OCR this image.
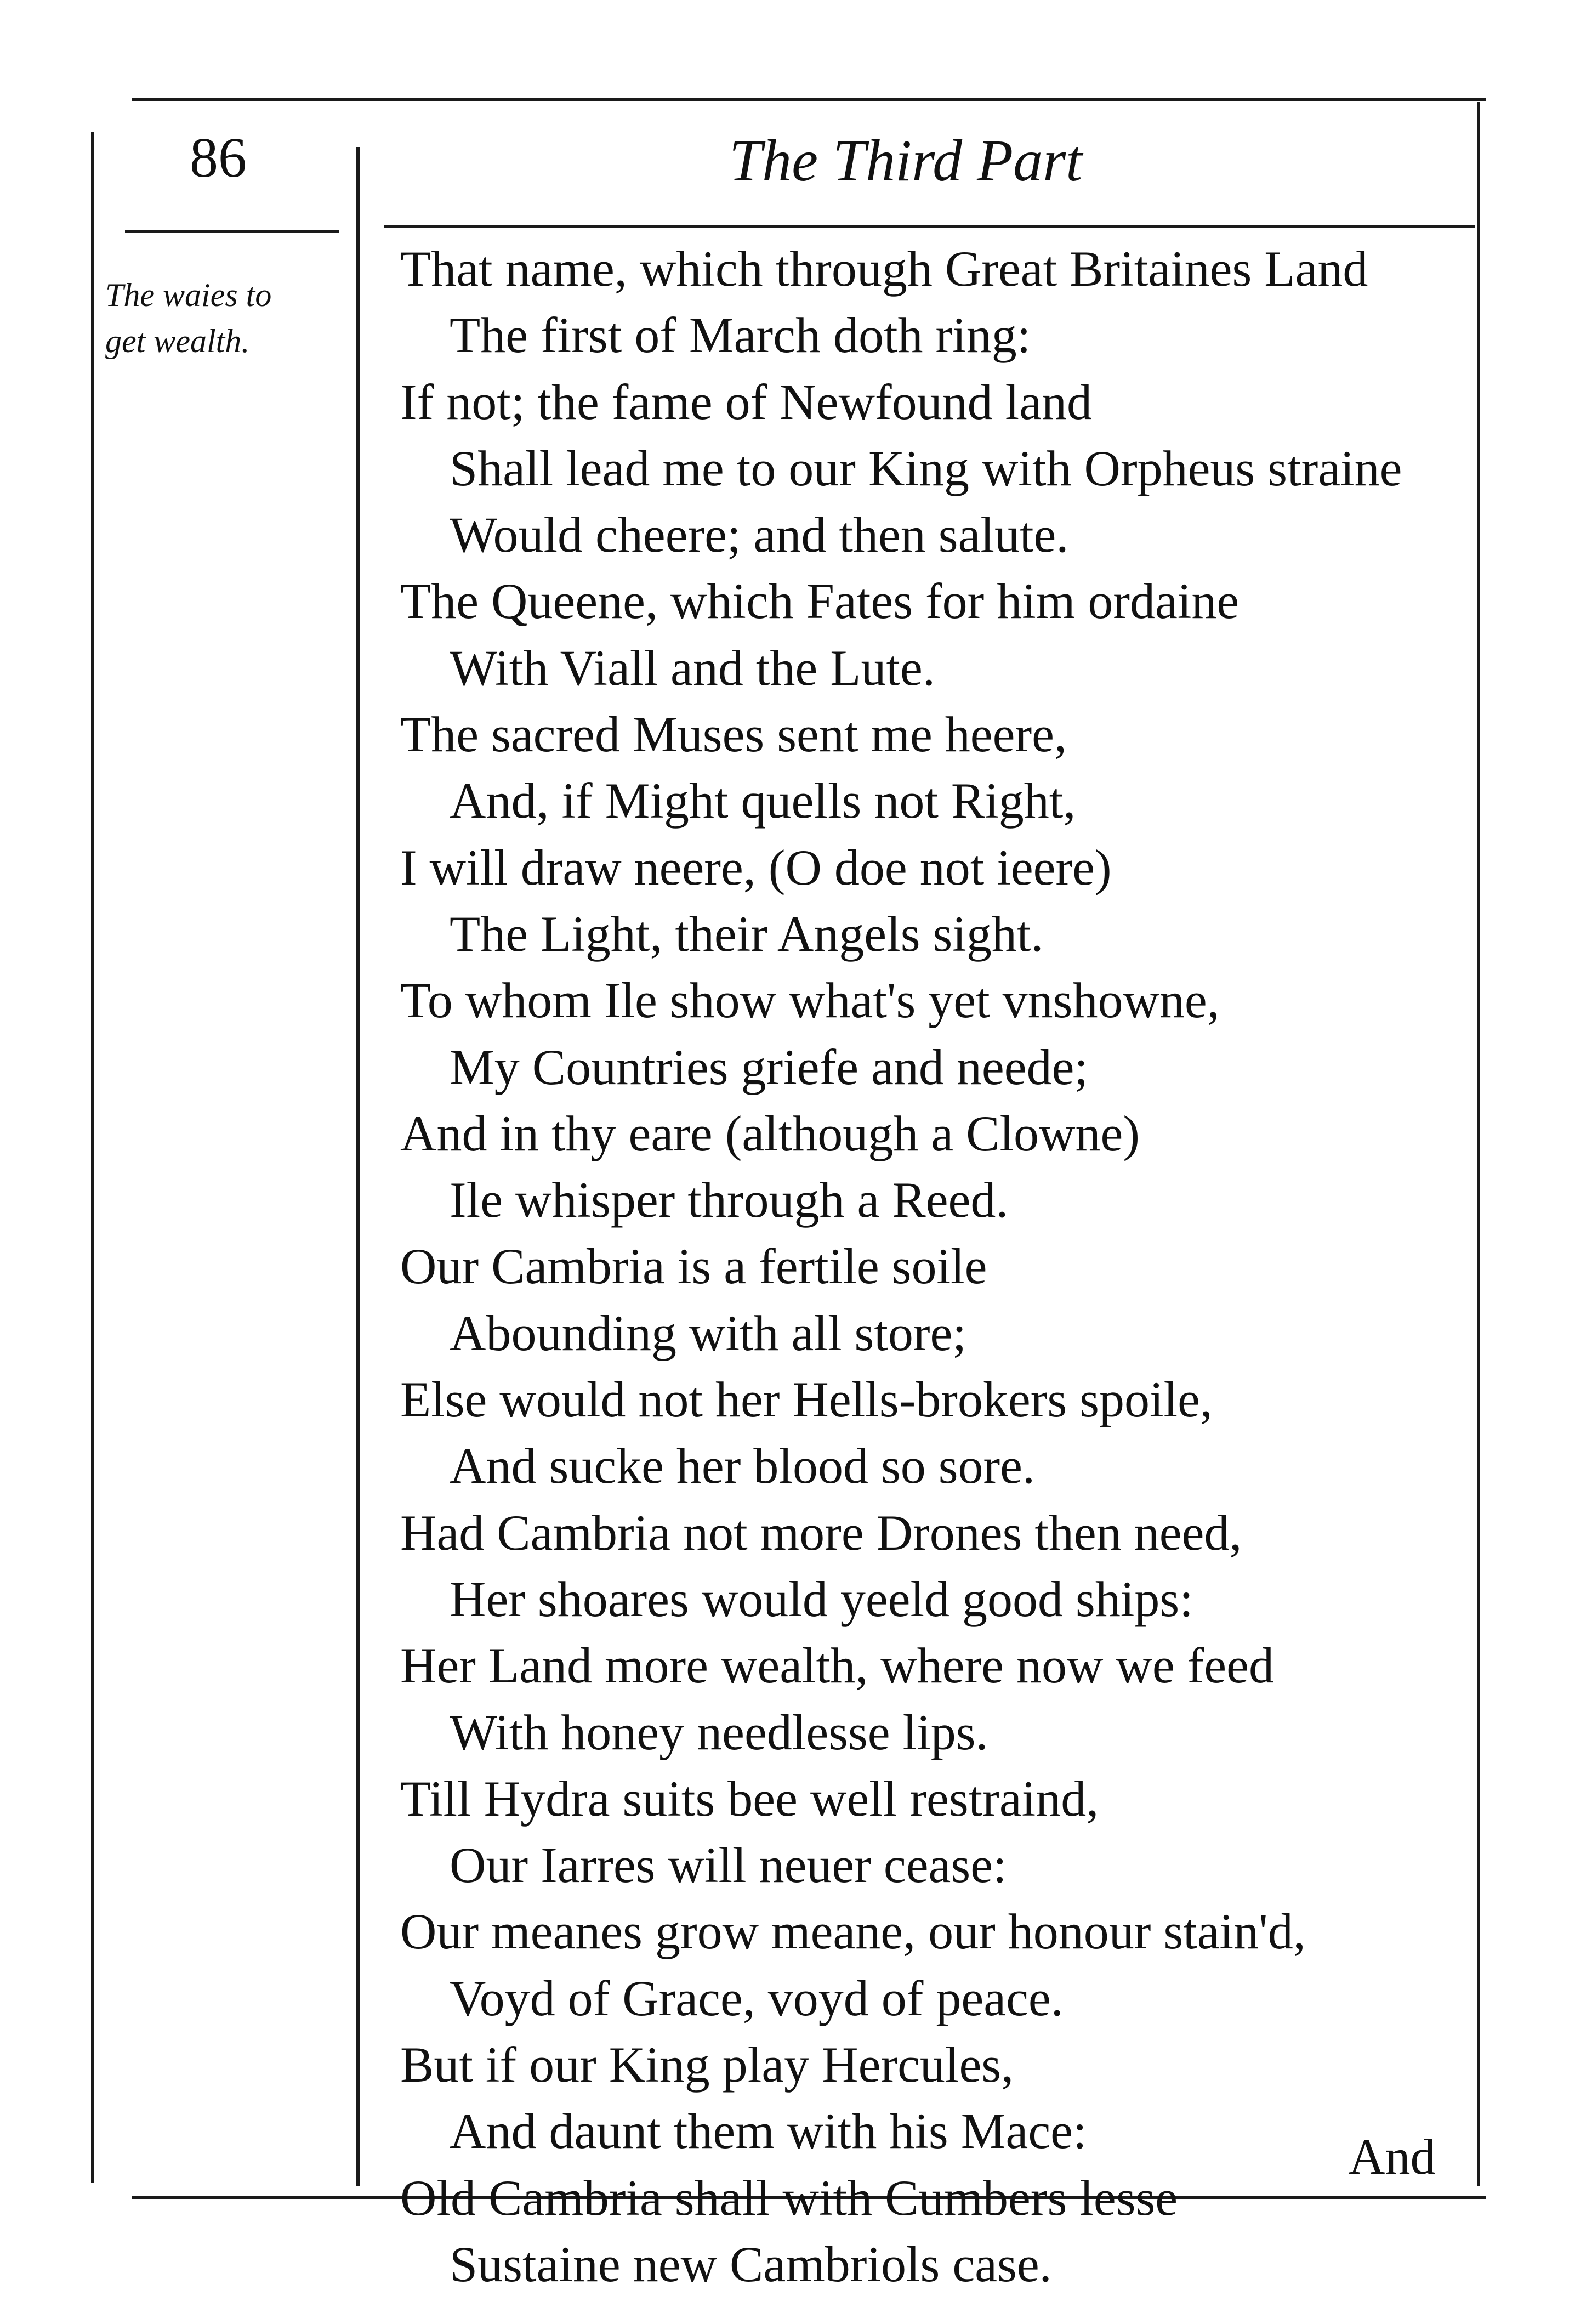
86	The Third Part
The waies to
get wealth.
That name, which through Great Britaines Land
The first of March doth ring:
If not; the fame of Newfound land
Shall lead me to our King with Orpheus straine
Would cheere; and then salute.
The Queene, which Fates for him ordaine
With Viall and the Lute.
The sacred Muses sent me heere,
And, if Might quells not Right,
I will draw neere, (O doe not ieere)
The Light, their Angels sight.
To whom Ile show what's yet vnshowne,
My Countries griefe and neede;
And in thy eare (although a Clowne)
Ile whisper through a Reed.
Our Cambria is a fertile soile
Abounding with all store;
Else would not her Hells-brokers spoile,
And sucke her blood so sore.
Had Cambria not more Drones then need,
Her shoares would yeeld good ships:
Her Land more wealth, where now we feed
With honey needlesse lips.
Till Hydra suits bee well restraind,
Our Iarres will neuer cease:
Our meanes grow meane, our honour stain'd,
Voyd of Grace, voyd of peace.
But if our King play Hercules,
And daunt them with his Mace:
Old Cambria shall with Cumbers lesse
Sustaine new Cambriols case.
And
